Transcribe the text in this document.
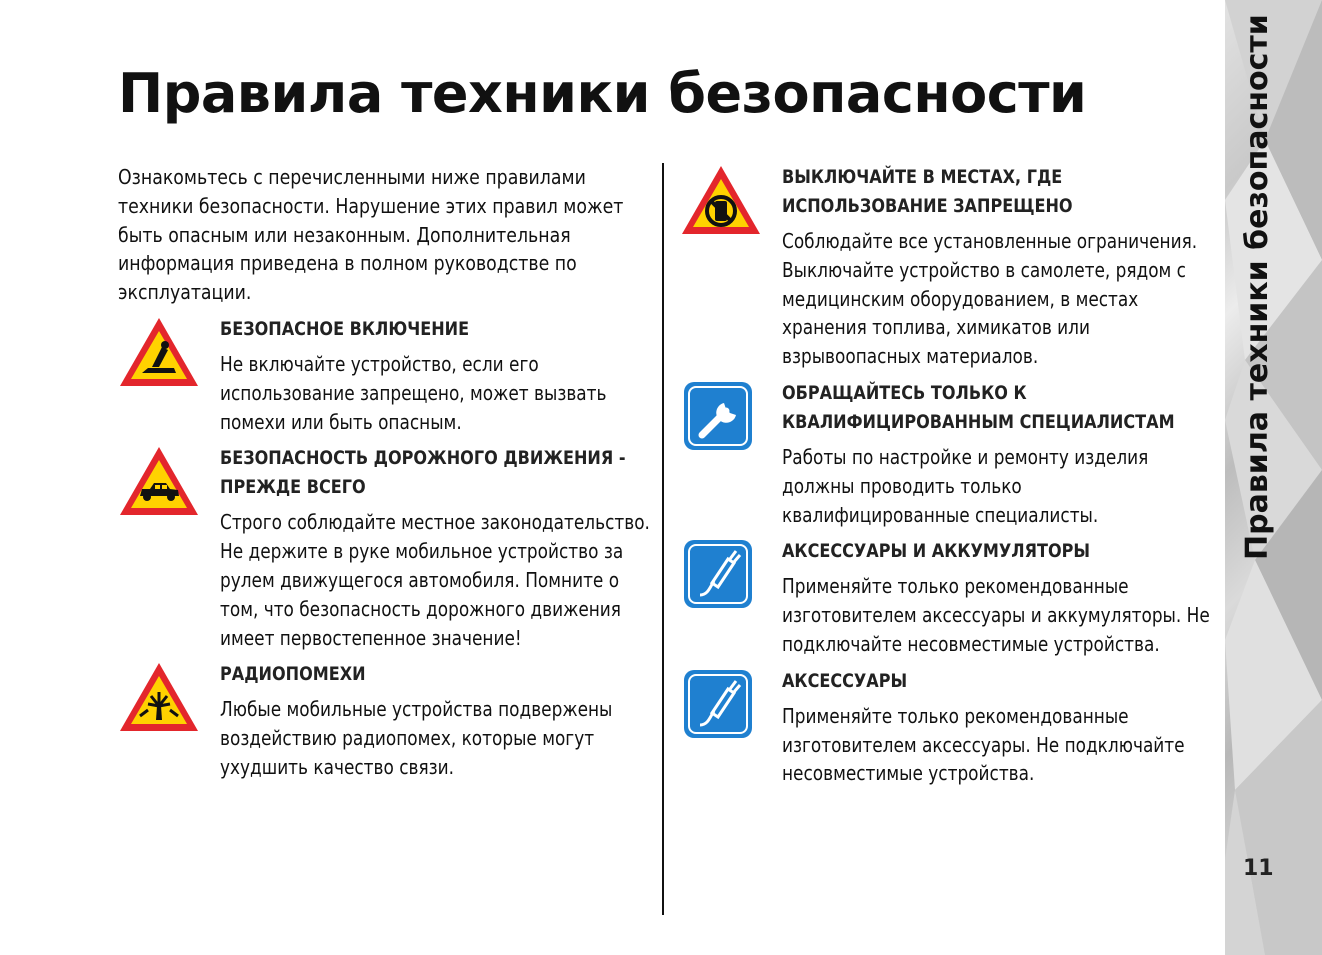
Правила техники безопасности

Ознакомьтесь с перечисленными ниже правилами техники безопасности. Нарушение этих правил может быть опасным или незаконным. Дополнительная информация приведена в полном руководстве по эксплуатации.

БЕЗОПАСНОЕ ВКЛЮЧЕНИЕ

Не включайте устройство, если его использование запрещено, может вызвать помехи или быть опасным.

БЕЗОПАСНОСТЬ ДОРОЖНОГО ДВИЖЕНИЯ - ПРЕЖДЕ ВСЕГО

Строго соблюдайте местное законодательство. Не держите в руке мобильное устройство за рулем движущегося автомобиля. Помните о том, что безопасность дорожного движения имеет первостепенное значение!

РАДИОПОМЕХИ

Любые мобильные устройства подвержены воздействию радиопомех, которые могут ухудшить качество связи.

ВЫКЛЮЧАЙТЕ В МЕСТАХ, ГДЕ ИСПОЛЬЗОВАНИЕ ЗАПРЕЩЕНО

Соблюдайте все установленные ограничения. Выключайте устройство в самолете, рядом с медицинским оборудованием, в местах хранения топлива, химикатов или взрывоопасных материалов.

ОБРАЩАЙТЕСЬ ТОЛЬКО К КВАЛИФИЦИРОВАННЫМ СПЕЦИАЛИСТАМ

Работы по настройке и ремонту изделия должны проводить только квалифицированные специалисты.

АКСЕССУАРЫ И АККУМУЛЯТОРЫ

Применяйте только рекомендованные изготовителем аксессуары и аккумуляторы. Не подключайте несовместимые устройства.

АКСЕССУАРЫ

Применяйте только рекомендованные изготовителем аксессуары. Не подключайте несовместимые устройства.

Правила техники безопасности
11
